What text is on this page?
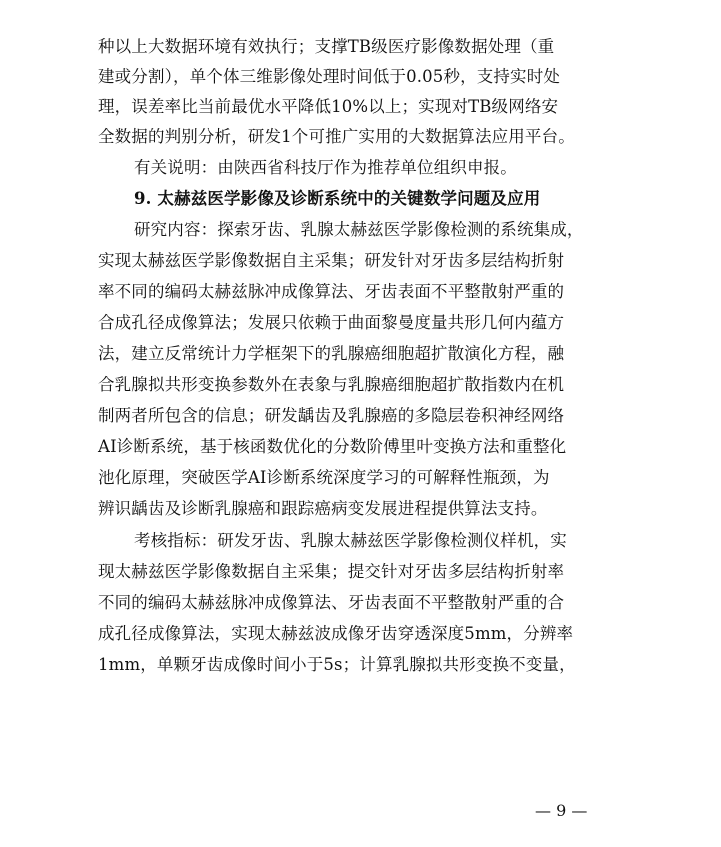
种以上大数据环境有效执行；支撑TB级医疗影像数据处理（重
建或分割），单个体三维影像处理时间低于0.05秒，支持实时处
理，误差率比当前最优水平降低10%以上；实现对TB级网络安
全数据的判别分析，研发1个可推广实用的大数据算法应用平台。
有关说明：由陕西省科技厅作为推荐单位组织申报。
9. 太赫兹医学影像及诊断系统中的关键数学问题及应用
研究内容：探索牙齿、乳腺太赫兹医学影像检测的系统集成，
实现太赫兹医学影像数据自主采集；研发针对牙齿多层结构折射
率不同的编码太赫兹脉冲成像算法、牙齿表面不平整散射严重的
合成孔径成像算法；发展只依赖于曲面黎曼度量共形几何内蕴方
法，建立反常统计力学框架下的乳腺癌细胞超扩散演化方程，融
合乳腺拟共形变换参数外在表象与乳腺癌细胞超扩散指数内在机
制两者所包含的信息；研发龋齿及乳腺癌的多隐层卷积神经网络
AI诊断系统，基于核函数优化的分数阶傅里叶变换方法和重整化
池化原理，突破医学AI诊断系统深度学习的可解释性瓶颈，为
辨识龋齿及诊断乳腺癌和跟踪癌病变发展进程提供算法支持。
考核指标：研发牙齿、乳腺太赫兹医学影像检测仪样机，实
现太赫兹医学影像数据自主采集；提交针对牙齿多层结构折射率
不同的编码太赫兹脉冲成像算法、牙齿表面不平整散射严重的合
成孔径成像算法，实现太赫兹波成像牙齿穿透深度5mm，分辨率
1mm，单颗牙齿成像时间小于5s；计算乳腺拟共形变换不变量，
— 9 —
